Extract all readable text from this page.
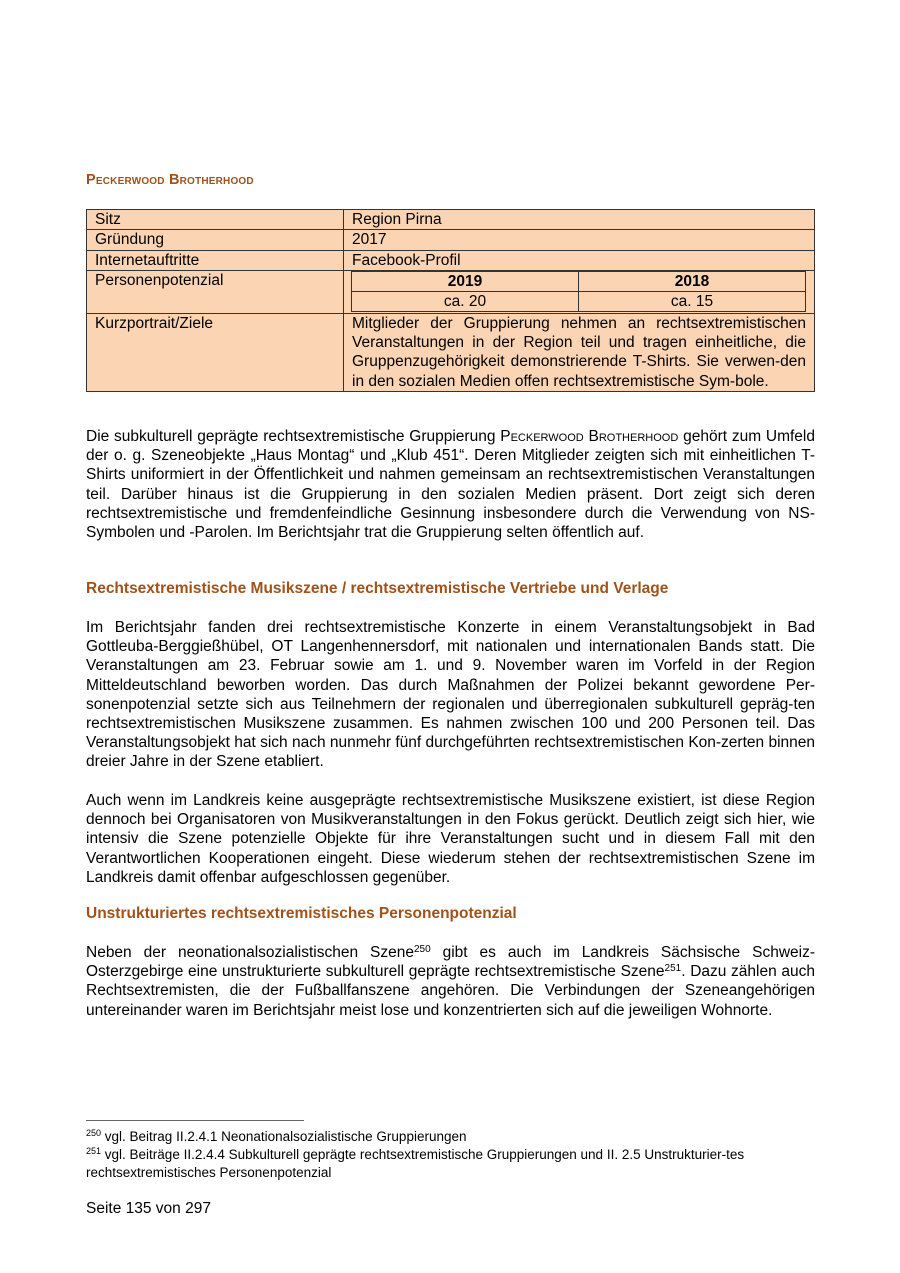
Peckerwood Brotherhood
Sitz	Region Pirna
Gründung	2017
Internetauftritte	Facebook-Profil
Personenpotenzial		2019	2018
ca. 20	ca. 15

Kurzportrait/Ziele	Mitglieder der Gruppierung nehmen an rechtsextremistischen Veranstaltungen in der Region teil und tragen einheitliche, die Gruppenzugehörigkeit demonstrierende T-Shirts. Sie verwen-den in den sozialen Medien offen rechtsextremistische Sym-bole.

Die subkulturell geprägte rechtsextremistische Gruppierung Peckerwood Brotherhood gehört zum Umfeld der o. g. Szeneobjekte „Haus Montag“ und „Klub 451“. Deren Mitglieder zeigten sich mit einheitlichen T-Shirts uniformiert in der Öffentlichkeit und nahmen gemeinsam an rechtsextremistischen Veranstaltungen teil. Darüber hinaus ist die Gruppierung in den sozialen Medien präsent. Dort zeigt sich deren rechtsextremistische und fremdenfeindliche Gesinnung insbesondere durch die Verwendung von NS-Symbolen und -Parolen. Im Berichtsjahr trat die Gruppierung selten öffentlich auf.

Rechtsextremistische Musikszene / rechtsextremistische Vertriebe und Verlage

Im Berichtsjahr fanden drei rechtsextremistische Konzerte in einem Veranstaltungsobjekt in Bad Gottleuba-Berggießhübel, OT Langenhennersdorf, mit nationalen und internationalen Bands statt. Die Veranstaltungen am 23. Februar sowie am 1. und 9. November waren im Vorfeld in der Region Mitteldeutschland beworben worden. Das durch Maßnahmen der Polizei bekannt gewordene Per-sonenpotenzial setzte sich aus Teilnehmern der regionalen und überregionalen subkulturell gepräg-ten rechtsextremistischen Musikszene zusammen. Es nahmen zwischen 100 und 200 Personen teil. Das Veranstaltungsobjekt hat sich nach nunmehr fünf durchgeführten rechtsextremistischen Kon-zerten binnen dreier Jahre in der Szene etabliert.

Auch wenn im Landkreis keine ausgeprägte rechtsextremistische Musikszene existiert, ist diese Region dennoch bei Organisatoren von Musikveranstaltungen in den Fokus gerückt. Deutlich zeigt sich hier, wie intensiv die Szene potenzielle Objekte für ihre Veranstaltungen sucht und in diesem Fall mit den Verantwortlichen Kooperationen eingeht. Diese wiederum stehen der rechtsextremistischen Szene im Landkreis damit offenbar aufgeschlossen gegenüber.

Unstrukturiertes rechtsextremistisches Personenpotenzial

Neben der neonationalsozialistischen Szene$^{250}$ gibt es auch im Landkreis Sächsische Schweiz-Osterzgebirge eine unstrukturierte subkulturell geprägte rechtsextremistische Szene$^{251}$. Dazu zählen auch Rechtsextremisten, die der Fußballfanszene angehören. Die Verbindungen der Szeneangehörigen untereinander waren im Berichtsjahr meist lose und konzentrierten sich auf die jeweiligen Wohnorte.

$^{250}$ vgl. Beitrag II.2.4.1 Neonationalsozialistische Gruppierungen

$^{251}$ vgl. Beiträge II.2.4.4 Subkulturell geprägte rechtsextremistische Gruppierungen und II. 2.5 Unstrukturier-tes rechtsextremistisches Personenpotenzial

Seite 135 von 297
